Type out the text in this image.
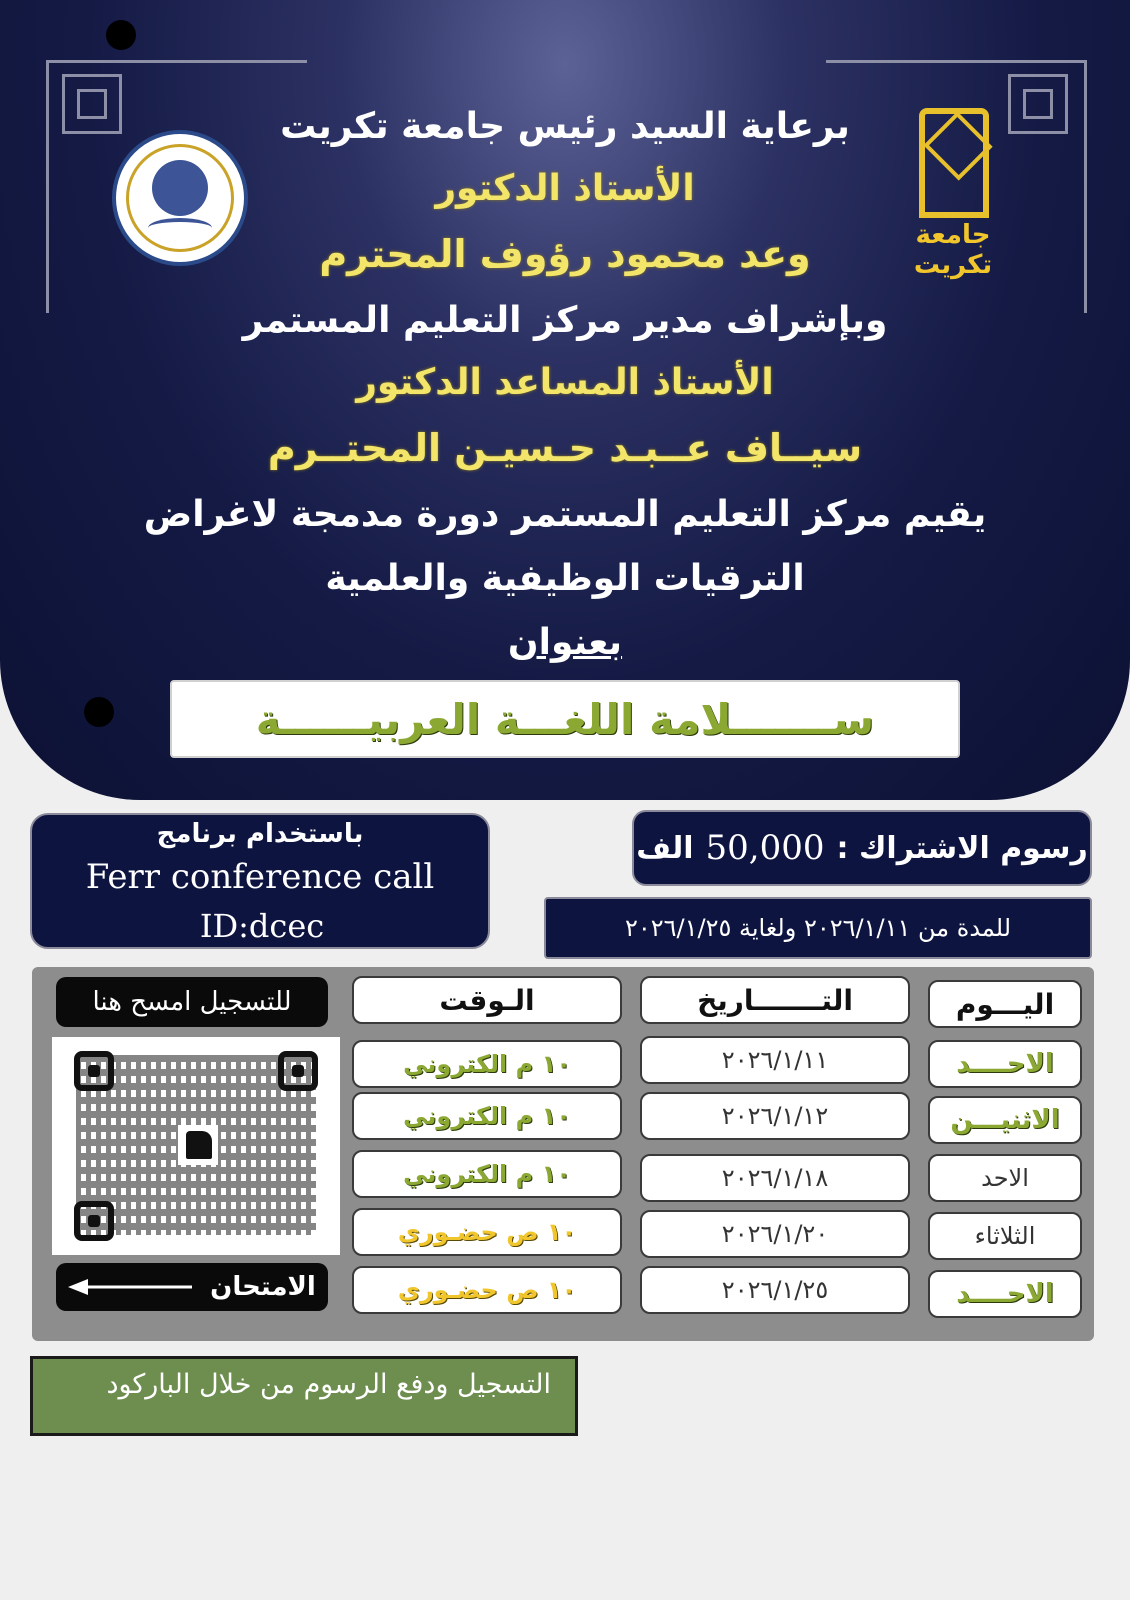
جامعة تكريت
برعاية السيد رئيس جامعة تكريت
الأستاذ الدكتور
وعد محمود رؤوف المحترم
وبإشراف مدير مركز التعليم المستمر
الأستاذ المساعد الدكتور
سيــاف عــبـد حـسيـن المحتــرم
يقيم مركز التعليم المستمر دورة مدمجة لاغراض
الترقيات الوظيفية والعلمية
بعنوان
ســـــــلامة اللغـــة العربيــــــة
باستخدام برنامج
Ferr conference call
ID:dcec
رسوم الاشتراك :
50,000
الف
للمدة من ٢٠٢٦/١/١١ ولغاية ٢٠٢٦/١/٢٥
اليـــوم
التـــــــاريخ
الـوقت
الاحــــد
٢٠٢٦/١/١١
١٠ م الكتروني
الاثنيـــن
٢٠٢٦/١/١٢
١٠ م الكتروني
الاحد
٢٠٢٦/١/١٨
١٠ م الكتروني
الثلاثاء
٢٠٢٦/١/٢٠
١٠ ص حضـوري
الاحــــد
٢٠٢٦/١/٢٥
١٠ ص حضـوري
للتسجيل امسح هنا
الامتحان
التسجيل ودفع الرسوم من خلال الباركود
